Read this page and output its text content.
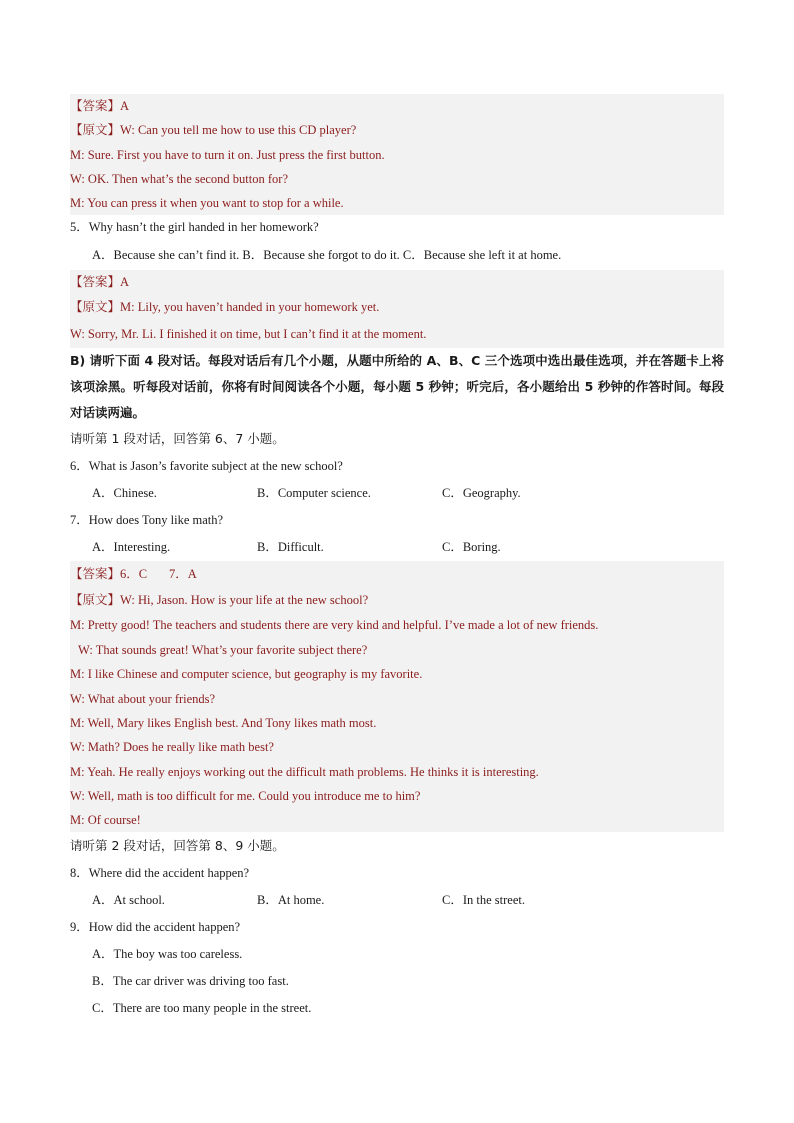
【答案】 A
【原文】 W: Can you tell me how to use this CD player?
M: Sure. First you have to turn it on. Just press the first button.
W: OK. Then what’s the second button for?
M: You can press it when you want to stop for a while.
5．Why hasn’t the girl handed in her homework?
A．Because she can’t find it. B．Because she forgot to do it. C．Because she left it at home.
【答案】 A
【原文】 M: Lily, you haven’t handed in your homework yet.
W: Sorry, Mr. Li. I finished it on time, but I can’t find it at the moment.
B) 请听下面 4 段对话。每段对话后有几个小题，从题中所给的 A、B、C 三个选项中选出最佳选项，并在答题卡上将该项涂黑。听每段对话前，你将有时间阅读各个小题，每小题 5 秒钟；听完后，各小题给出 5 秒钟的作答时间。每段对话读两遍。
请听第 1 段对话，回答第 6、7 小题。
6．What is Jason’s favorite subject at the new school?
A．Chinese.	B．Computer science.	C．Geography.
7．How does Tony like math?
A．Interesting.	B．Difficult.	C．Boring.
【答案】 6．C       7．A
【原文】 W: Hi, Jason. How is your life at the new school?
M: Pretty good! The teachers and students there are very kind and helpful. I’ve made a lot of new friends.
W: That sounds great! What’s your favorite subject there?
M: I like Chinese and computer science, but geography is my favorite.
W: What about your friends?
M: Well, Mary likes English best. And Tony likes math most.
W: Math? Does he really like math best?
M: Yeah. He really enjoys working out the difficult math problems. He thinks it is interesting.
W: Well, math is too difficult for me. Could you introduce me to him?
M: Of course!
请听第 2 段对话，回答第 8、9 小题。
8．Where did the accident happen?
A．At school.	B．At home.	C．In the street.
9．How did the accident happen?
A．The boy was too careless.
B．The car driver was driving too fast.
C．There are too many people in the street.
